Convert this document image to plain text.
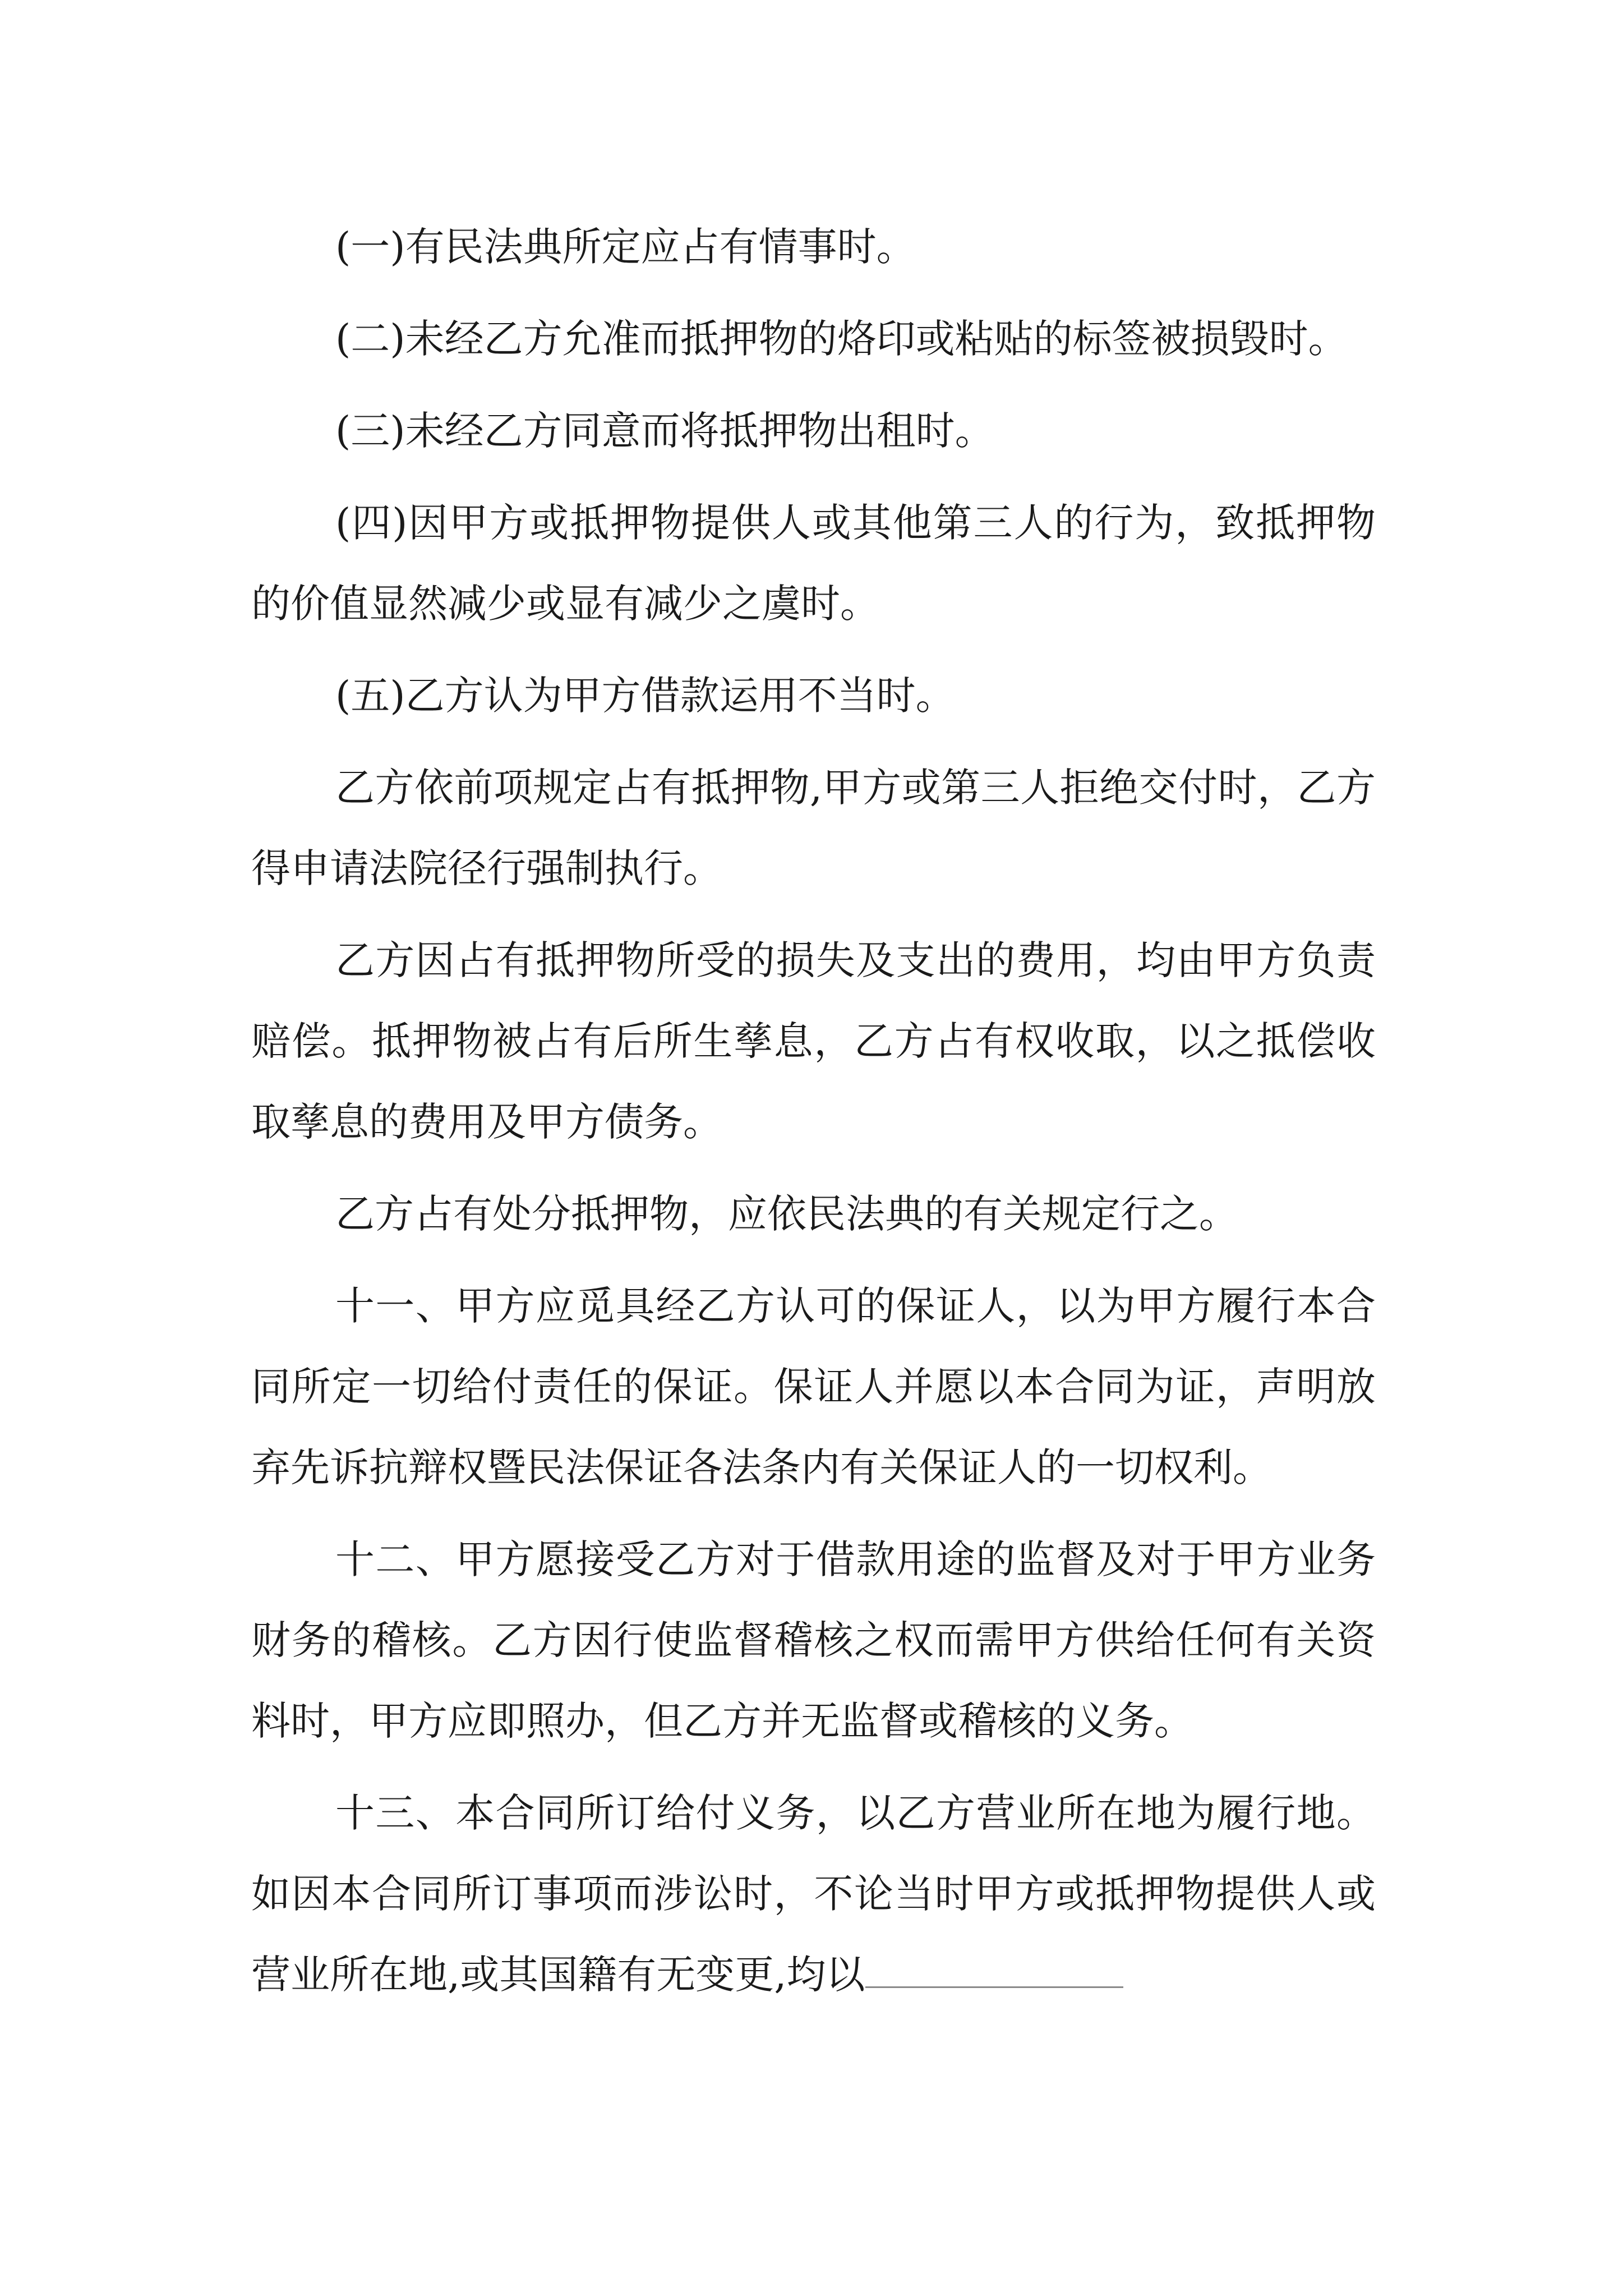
(一)有民法典所定应占有情事时。

(二)未经乙方允准而抵押物的烙印或粘贴的标签被损毁时。

(三)未经乙方同意而将抵押物出租时。

(四)因甲方或抵押物提供人或其他第三人的行为，致抵押物的价值显然减少或显有减少之虞时。

(五)乙方认为甲方借款运用不当时。

乙方依前项规定占有抵押物,甲方或第三人拒绝交付时，乙方得申请法院径行强制执行。

乙方因占有抵押物所受的损失及支出的费用，均由甲方负责赔偿。抵押物被占有后所生孳息，乙方占有权收取，以之抵偿收取孳息的费用及甲方债务。

乙方占有处分抵押物，应依民法典的有关规定行之。

十一、甲方应觅具经乙方认可的保证人，以为甲方履行本合同所定一切给付责任的保证。保证人并愿以本合同为证，声明放弃先诉抗辩权暨民法保证各法条内有关保证人的一切权利。

十二、甲方愿接受乙方对于借款用途的监督及对于甲方业务财务的稽核。乙方因行使监督稽核之权而需甲方供给任何有关资料时，甲方应即照办，但乙方并无监督或稽核的义务。

十三、本合同所订给付义务，以乙方营业所在地为履行地。如因本合同所订事项而涉讼时，不论当时甲方或抵押物提供人或营业所在地,或其国籍有无变更,均以
